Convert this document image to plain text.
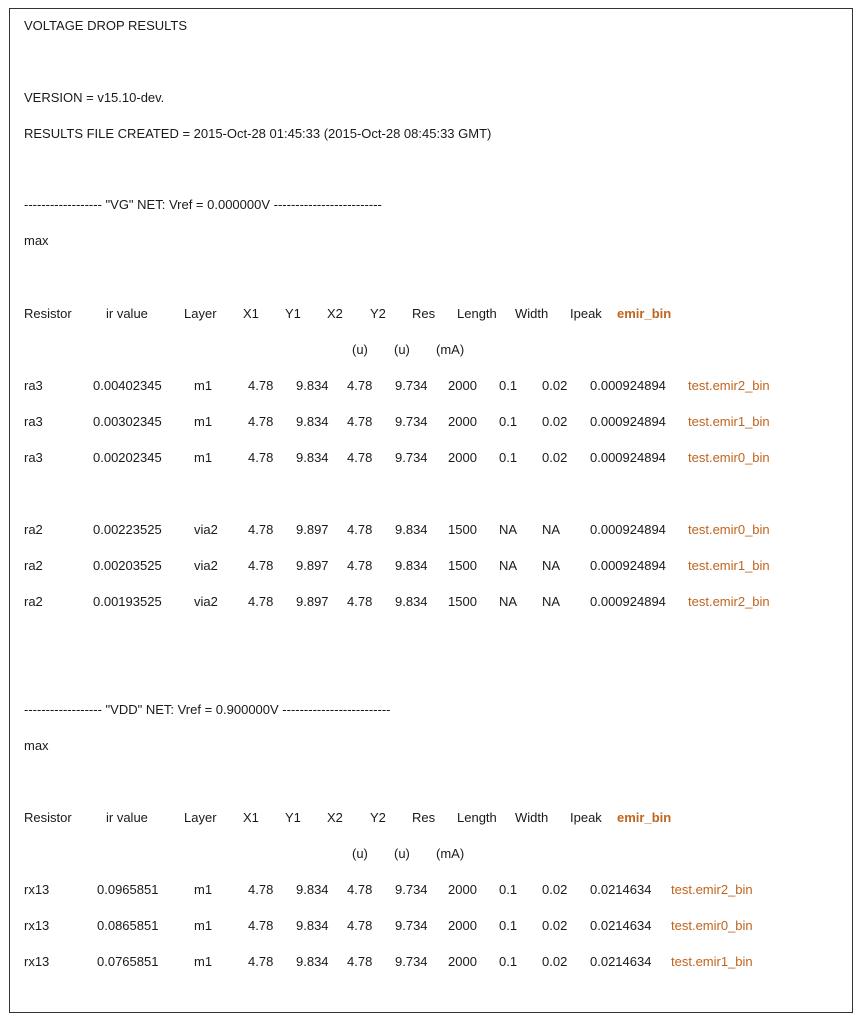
VOLTAGE DROP RESULTS
VERSION = v15.10-dev.
RESULTS FILE CREATED = 2015-Oct-28 01:45:33 (2015-Oct-28 08:45:33 GMT)
------------------ "VG" NET: Vref = 0.000000V -------------------------
max
Resistor	ir value	Layer X1 Y1 X2 Y2 Res Length Width Ipeak emir_bin
(u) (u) (mA)
ra3	0.00402345 m1	4.78 9.834 4.78 9.734 2000 0.1 0.02 0.000924894 test.emir2_bin
ra3	0.00302345 m1	4.78 9.834 4.78 9.734 2000 0.1 0.02 0.000924894 test.emir1_bin
ra3	0.00202345 m1	4.78 9.834 4.78 9.734 2000 0.1 0.02 0.000924894 test.emir0_bin
ra2	0.00223525 via2 4.78 9.897 4.78 9.834 1500 NA NA 0.000924894 test.emir0_bin
ra2	0.00203525 via2 4.78 9.897 4.78 9.834 1500 NA NA 0.000924894 test.emir1_bin
ra2	0.00193525 via2 4.78 9.897 4.78 9.834 1500 NA NA 0.000924894 test.emir2_bin
------------------ "VDD" NET: Vref = 0.900000V -------------------------
max
Resistor	ir value	Layer X1 Y1 X2 Y2 Res Length Width Ipeak emir_bin
(u) (u) (mA)
rx13	0.0965851	m1	4.78 9.834 4.78 9.734 2000 0.1 0.02 0.0214634 test.emir2_bin
rx13	0.0865851	m1	4.78 9.834 4.78 9.734 2000 0.1 0.02 0.0214634 test.emir0_bin
rx13	0.0765851	m1	4.78 9.834 4.78 9.734 2000 0.1 0.02 0.0214634 test.emir1_bin
